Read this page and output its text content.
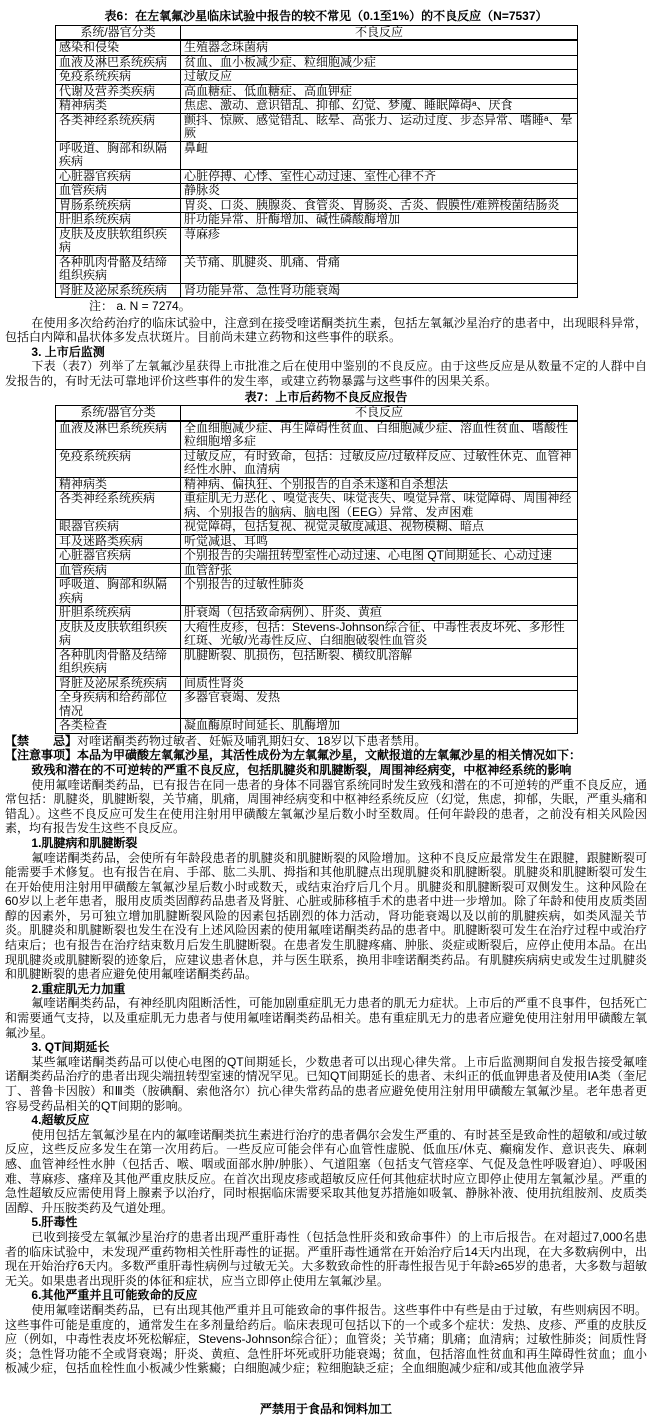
表6：在左氧氟沙星临床试验中报告的较不常见（0.1至1%）的不良反应（N=7537）

系统/器官分类	不良反应
感染和侵染	生殖器念珠菌病
血液及淋巴系统疾病	贫血、血小板减少症、粒细胞减少症
免疫系统疾病	过敏反应
代谢及营养类疾病	高血糖症、低血糖症、高血钾症
精神病类	焦虑、激动、意识错乱、抑郁、幻觉、梦魇、睡眠障碍ᵃ、厌食
各类神经系统疾病	颤抖、惊厥、感觉错乱、眩晕、高张力、运动过度、步态异常、嗜睡ᵃ、晕厥
呼吸道、胸部和纵隔疾病	鼻衄
心脏器官疾病	心脏停搏、心悸、室性心动过速、室性心律不齐
血管疾病	静脉炎
胃肠系统疾病	胃炎、口炎、胰腺炎、食管炎、胃肠炎、舌炎、假膜性/难辨梭菌结肠炎
肝胆系统疾病	肝功能异常、肝酶增加、碱性磷酸酶增加
皮肤及皮肤软组织疾病	荨麻疹
各种肌肉骨骼及结缔组织疾病	关节痛、肌腱炎、肌痛、骨痛
肾脏及泌尿系统疾病	肾功能异常、急性肾功能衰竭

注： a. N = 7274。

在使用多次给药治疗的临床试验中，注意到在接受喹诺酮类抗生素，包括左氧氟沙星治疗的患者中，出现眼科异常，包括白内障和晶状体多发点状斑片。目前尚未建立药物和这些事件的联系。

3. 上市后监测

下表（表7）列举了左氧氟沙星获得上市批准之后在使用中鉴别的不良反应。由于这些反应是从数量不定的人群中自发报告的，有时无法可靠地评价这些事件的发生率，或建立药物暴露与这些事件的因果关系。

表7：上市后药物不良反应报告

系统/器官分类	不良反应
血液及淋巴系统疾病	全血细胞减少症、再生障碍性贫血、白细胞减少症、溶血性贫血、嗜酸性粒细胞增多症
免疫系统疾病	过敏反应，有时致命，包括：过敏反应/过敏样反应、过敏性休克、血管神经性水肿、血清病
精神病类	精神病、偏执狂、个别报告的自杀未遂和自杀想法
各类神经系统疾病	重症肌无力恶化 、嗅觉丧失、味觉丧失、嗅觉异常、味觉障碍、周围神经病、个别报告的脑病、脑电图（EEG）异常、发声困难
眼器官疾病	视觉障碍，包括复视、视觉灵敏度减退、视物模糊、暗点
耳及迷路类疾病	听觉减退、耳鸣
心脏器官疾病	个别报告的尖端扭转型室性心动过速、心电图 QT间期延长、心动过速
血管疾病	血管舒张
呼吸道、胸部和纵隔疾病	个别报告的过敏性肺炎
肝胆系统疾病	肝衰竭（包括致命病例）、肝炎、黄疸
皮肤及皮肤软组织疾病	大疱性皮疹，包括：Stevens-Johnson综合征、中毒性表皮坏死、多形性红斑、光敏/光毒性反应、白细胞破裂性血管炎
各种肌肉骨骼及结缔组织疾病	肌腱断裂、肌损伤，包括断裂、横纹肌溶解
肾脏及泌尿系统疾病	间质性肾炎
全身疾病和给药部位情况	多器官衰竭、发热
各类检查	凝血酶原时间延长、肌酶增加

【禁　　忌】对喹诺酮类药物过敏者、妊娠及哺乳期妇女、18岁以下患者禁用。

【注意事项】本品为甲磺酸左氧氟沙星，其活性成份为左氧氟沙星，文献报道的左氧氟沙星的相关情况如下：

致残和潜在的不可逆转的严重不良反应，包括肌腱炎和肌腱断裂，周围神经病变，中枢神经系统的影响

使用氟喹诺酮类药品，已有报告在同一患者的身体不同器官系统同时发生致残和潜在的不可逆转的严重不良反应，通常包括：肌腱炎，肌腱断裂，关节痛，肌痛，周围神经病变和中枢神经系统反应（幻觉，焦虑，抑郁，失眠，严重头痛和错乱）。这些不良反应可发生在使用注射用甲磺酸左氧氟沙星后数小时至数周。任何年龄段的患者，之前没有相关风险因素，均有报告发生这些不良反应。

1.肌腱病和肌腱断裂

氟喹诺酮类药品，会使所有年龄段患者的肌腱炎和肌腱断裂的风险增加。这种不良反应最常发生在跟腱，跟腱断裂可能需要手术修复。也有报告在肩、手部、肱二头肌、拇指和其他肌腱点出现肌腱炎和肌腱断裂。肌腱炎和肌腱断裂可发生在开始使用注射用甲磺酸左氧氟沙星后数小时或数天，或结束治疗后几个月。肌腱炎和肌腱断裂可双侧发生。这种风险在60岁以上老年患者，服用皮质类固醇药品患者及肾脏、心脏或肺移植手术的患者中进一步增加。除了年龄和使用皮质类固醇的因素外，另可独立增加肌腱断裂风险的因素包括剧烈的体力活动，肾功能衰竭以及以前的肌腱疾病，如类风湿关节炎。肌腱炎和肌腱断裂也发生在没有上述风险因素的使用氟喹诺酮类药品的患者中。肌腱断裂可发生在治疗过程中或治疗结束后；也有报告在治疗结束数月后发生肌腱断裂。在患者发生肌腱疼痛、肿胀、炎症或断裂后，应停止使用本品。在出现肌腱炎或肌腱断裂的迹象后，应建议患者休息，并与医生联系，换用非喹诺酮类药品。有肌腱疾病病史或发生过肌腱炎和肌腱断裂的患者应避免使用氟喹诺酮类药品。

2.重症肌无力加重

氟喹诺酮类药品，有神经肌肉阻断活性，可能加剧重症肌无力患者的肌无力症状。上市后的严重不良事件，包括死亡和需要通气支持，以及重症肌无力患者与使用氟喹诺酮类药品相关。患有重症肌无力的患者应避免使用注射用甲磺酸左氧氟沙星。

3. QT间期延长

某些氟喹诺酮类药品可以使心电图的QT间期延长，少数患者可以出现心律失常。上市后监测期间自发报告接受氟喹诺酮类药品治疗的患者出现尖端扭转型室速的情况罕见。已知QT间期延长的患者、未纠正的低血钾患者及使用IA类（奎尼丁、普鲁卡因胺）和Ⅲ类（胺碘酮、索他洛尔）抗心律失常药品的患者应避免使用注射用甲磺酸左氧氟沙星。老年患者更容易受药品相关的QT间期的影响。

4.超敏反应

使用包括左氧氟沙星在内的氟喹诺酮类抗生素进行治疗的患者偶尔会发生严重的、有时甚至是致命性的超敏和/或过敏反应，这些反应多发生在第一次用药后。一些反应可能会伴有心血管性虚脱、低血压/休克、癫痫发作、意识丧失、麻刺感、血管神经性水肿（包括舌、喉、咽或面部水肿/肿胀）、气道阻塞（包括支气管痉挛、气促及急性呼吸窘迫）、呼吸困难、荨麻疹、瘙痒及其他严重皮肤反应。在首次出现皮疹或超敏反应任何其他症状时应立即停止使用左氧氟沙星。严重的急性超敏反应需使用肾上腺素予以治疗，同时根据临床需要采取其他复苏措施如吸氧、静脉补液、使用抗组胺剂、皮质类固醇、升压胺类药及气道处理。

5.肝毒性

已收到接受左氧氟沙星治疗的患者出现严重肝毒性（包括急性肝炎和致命事件）的上市后报告。在对超过7,000名患者的临床试验中，未发现严重药物相关性肝毒性的证据。严重肝毒性通常在开始治疗后14天内出现，在大多数病例中，出现在开始治疗6天内。多数严重肝毒性病例与过敏无关。大多数致命性的肝毒性报告见于年龄≥65岁的患者，大多数与超敏无关。如果患者出现肝炎的体征和症状，应当立即停止使用左氧氟沙星。

6.其他严重并且可能致命的反应

使用氟喹诺酮类药品，已有出现其他严重并且可能致命的事件报告。这些事件中有些是由于过敏，有些则病因不明。这些事件可能是重度的，通常发生在多剂量给药后。临床表现可包括以下的一个或多个症状：发热、皮疹、严重的皮肤反应（例如，中毒性表皮坏死松解症，Stevens-Johnson综合征）；血管炎；关节痛；肌痛；血清病；过敏性肺炎；间质性肾炎；急性肾功能不全或肾衰竭；肝炎、黄疸、急性肝坏死或肝功能衰竭；贫血，包括溶血性贫血和再生障碍性贫血；血小板减少症，包括血栓性血小板减少性紫癜；白细胞减少症；粒细胞缺乏症；全血细胞减少症和/或其他血液学异

严禁用于食品和饲料加工
